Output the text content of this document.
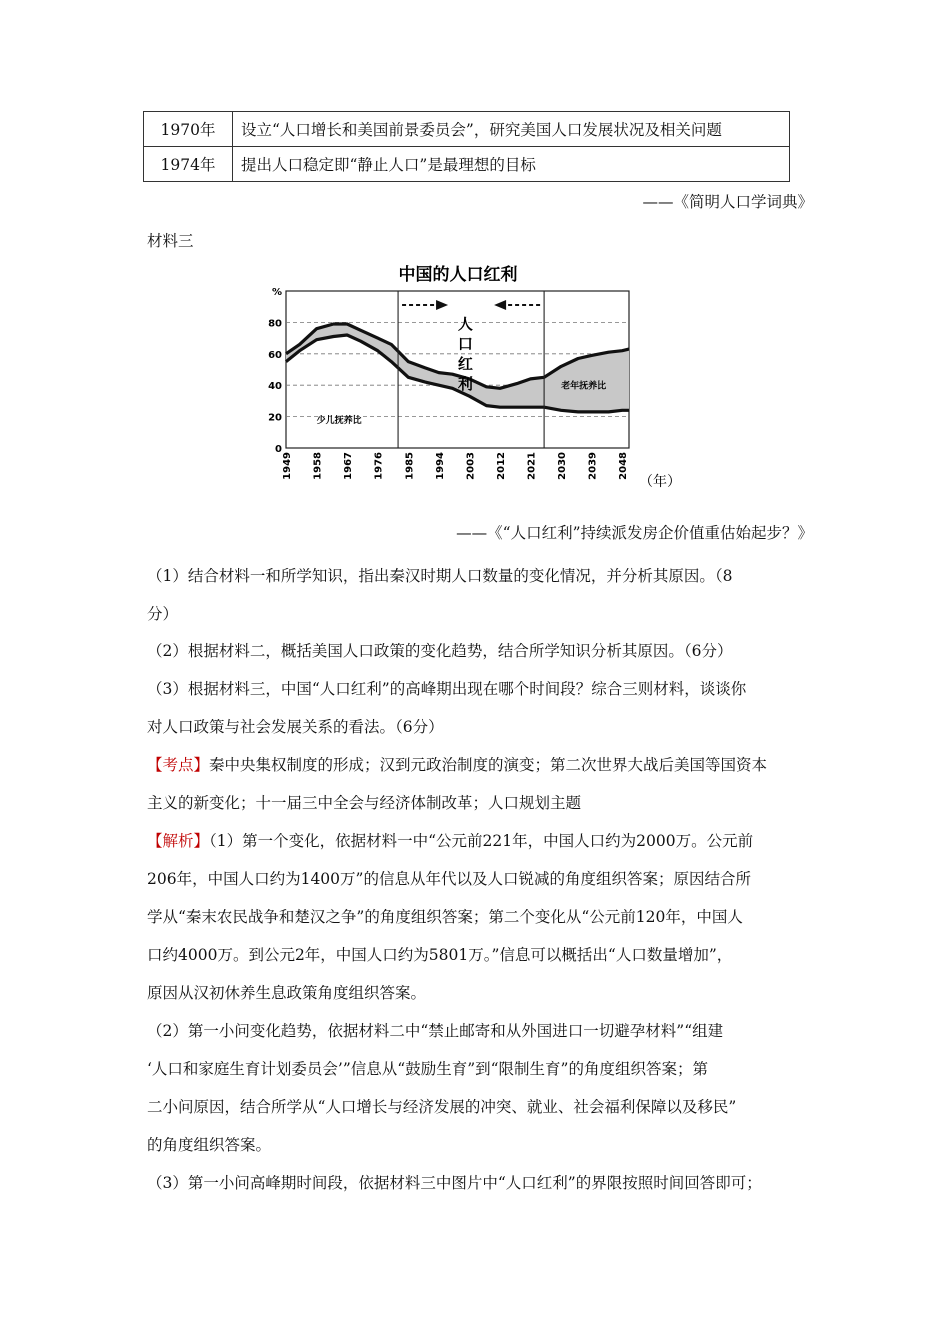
1970年	设立“人口增长和美国前景委员会”，研究美国人口发展状况及相关问题
1974年	提出人口稳定即“静止人口”是最理想的目标
——《简明人口学词典》
材料三
中国的人口红利
0
20
40
60
80
%
1949 1958 1967 1976 1985 1994 2003 2012 2021 2030 2039 2048
人
口
红
利
少儿抚养比
老年抚养比
（年）
——《“人口红利”持续派发房企价值重估始起步？》
（1）结合材料一和所学知识，指出秦汉时期人口数量的变化情况，并分析其原因。（8
分）
（2）根据材料二，概括美国人口政策的变化趋势，结合所学知识分析其原因。（6分）
（3）根据材料三，中国“人口红利”的高峰期出现在哪个时间段？综合三则材料，谈谈你
对人口政策与社会发展关系的看法。（6分）
【考点】秦中央集权制度的形成；汉到元政治制度的演变；第二次世界大战后美国等国资本
主义的新变化；十一届三中全会与经济体制改革；人口规划主题
【解析】（1）第一个变化，依据材料一中“公元前221年，中国人口约为2000万。公元前
206年，中国人口约为1400万”的信息从年代以及人口锐减的角度组织答案；原因结合所
学从“秦末农民战争和楚汉之争”的角度组织答案；第二个变化从“公元前120年，中国人
口约4000万。到公元2年，中国人口约为5801万。”信息可以概括出“人口数量增加”，
原因从汉初休养生息政策角度组织答案。
（2）第一小问变化趋势，依据材料二中“禁止邮寄和从外国进口一切避孕材料”“组建
‘人口和家庭生育计划委员会’”信息从“鼓励生育”到“限制生育”的角度组织答案；第
二小问原因，结合所学从“人口增长与经济发展的冲突、就业、社会福利保障以及移民”
的角度组织答案。
（3）第一小问高峰期时间段，依据材料三中图片中“人口红利”的界限按照时间回答即可；
